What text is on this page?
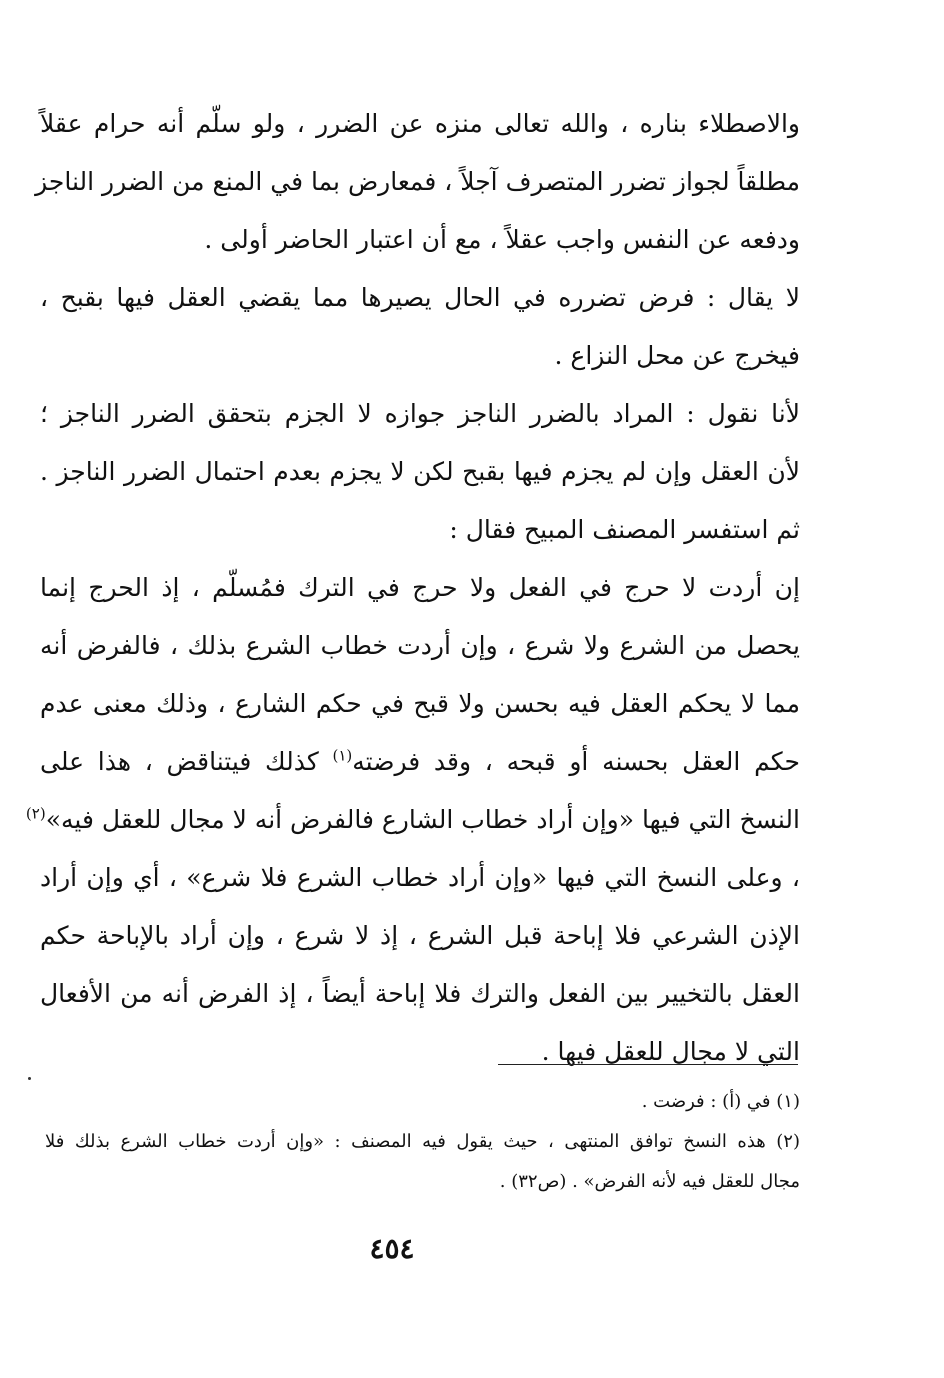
والاصطلاء بناره ، والله تعالى منزه عن الضرر ، ولو سلّم أنه حرام عقلاً
مطلقاً لجواز تضرر المتصرف آجلاً ، فمعارض بما في المنع من الضرر الناجز
ودفعه عن النفس واجب عقلاً ، مع أن اعتبار الحاضر أولى .
لا يقال : فرض تضرره في الحال يصيرها مما يقضي العقل فيها بقبح ،
فيخرج عن محل النزاع .
لأنا نقول : المراد بالضرر الناجز جوازه لا الجزم بتحقق الضرر الناجز ؛
لأن العقل وإن لم يجزم فيها بقبح لكن لا يجزم بعدم احتمال الضرر الناجز .
ثم استفسر المصنف المبيح فقال :
إن أردت لا حرج في الفعل ولا حرج في الترك فمُسلّم ، إذ الحرج إنما
يحصل من الشرع ولا شرع ، وإن أردت خطاب الشرع بذلك ، فالفرض أنه
مما لا يحكم العقل فيه بحسن ولا قبح في حكم الشارع ، وذلك معنى عدم
حكم العقل بحسنه أو قبحه ، وقد فرضته$^{(١)}$ كذلك فيتناقض ، هذا على
النسخ التي فيها «وإن أراد خطاب الشارع فالفرض أنه لا مجال للعقل فيه»$^{(٢)}$
، وعلى النسخ التي فيها «وإن أراد خطاب الشرع فلا شرع» ، أي وإن أراد
الإذن الشرعي فلا إباحة قبل الشرع ، إذ لا شرع ، وإن أراد بالإباحة حكم
العقل بالتخيير بين الفعل والترك فلا إباحة أيضاً ، إذ الفرض أنه من الأفعال
التي لا مجال للعقل فيها .
(١) في (أ) : فرضت .
(٢) هذه النسخ توافق المنتهى ، حيث يقول فيه المصنف : «وإن أردت خطاب الشرع بذلك فلا
مجال للعقل فيه لأنه الفرض» . (ص٣٢) .
٤٥٤
